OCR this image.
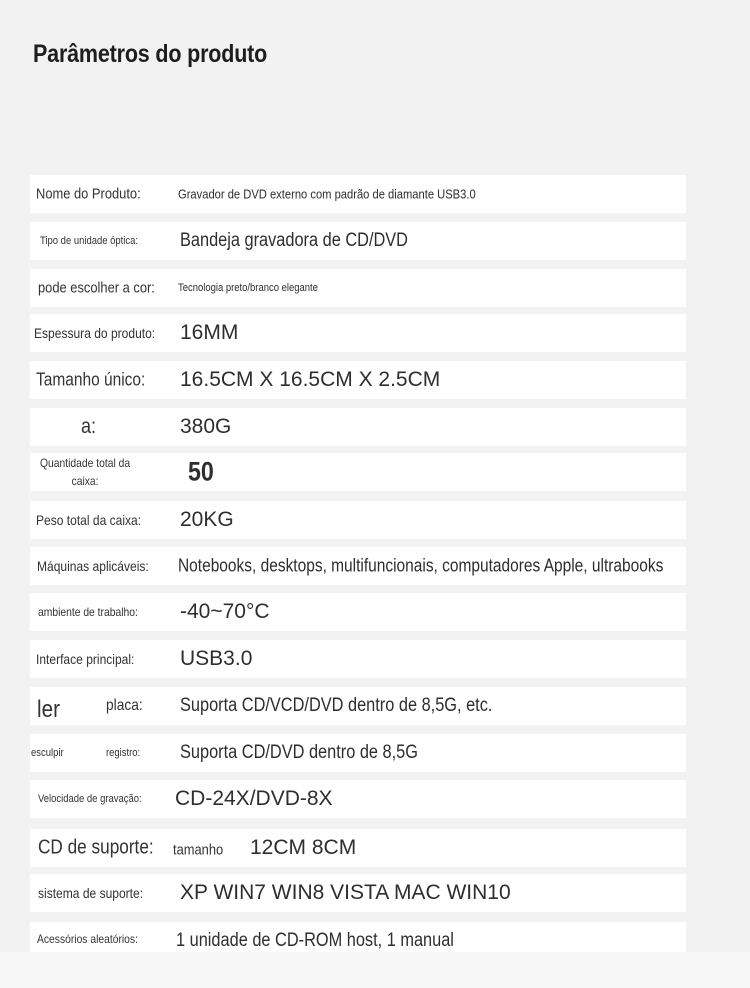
Parâmetros do produto
Nome do Produto:	Gravador de DVD externo com padrão de diamante USB3.0
Tipo de unidade óptica: Bandeja gravadora de CD/DVD
pode escolher a cor: Tecnologia preto/branco elegante
Espessura do produto: 16MM
Tamanho único: 16.5CM X 16.5CM X 2.5CM
a:	380G
Quantidade total da
caixa:	50
Peso total da caixa: 20KG
Máquinas aplicáveis: Notebooks, desktops, multifuncionais, computadores Apple, ultrabooks
ambiente de trabalho: -40~70°C
Interface principal: USB3.0
ler	placa: Suporta CD/VCD/DVD dentro de 8,5G, etc.
esculpir	registro: Suporta CD/DVD dentro de 8,5G
Velocidade de gravação: CD-24X/DVD-8X
CD de suporte: tamanho 12CM 8CM
sistema de suporte: XP WIN7 WIN8 VISTA MAC WIN10
Acessórios aleatórios: 1 unidade de CD-ROM host, 1 manual
